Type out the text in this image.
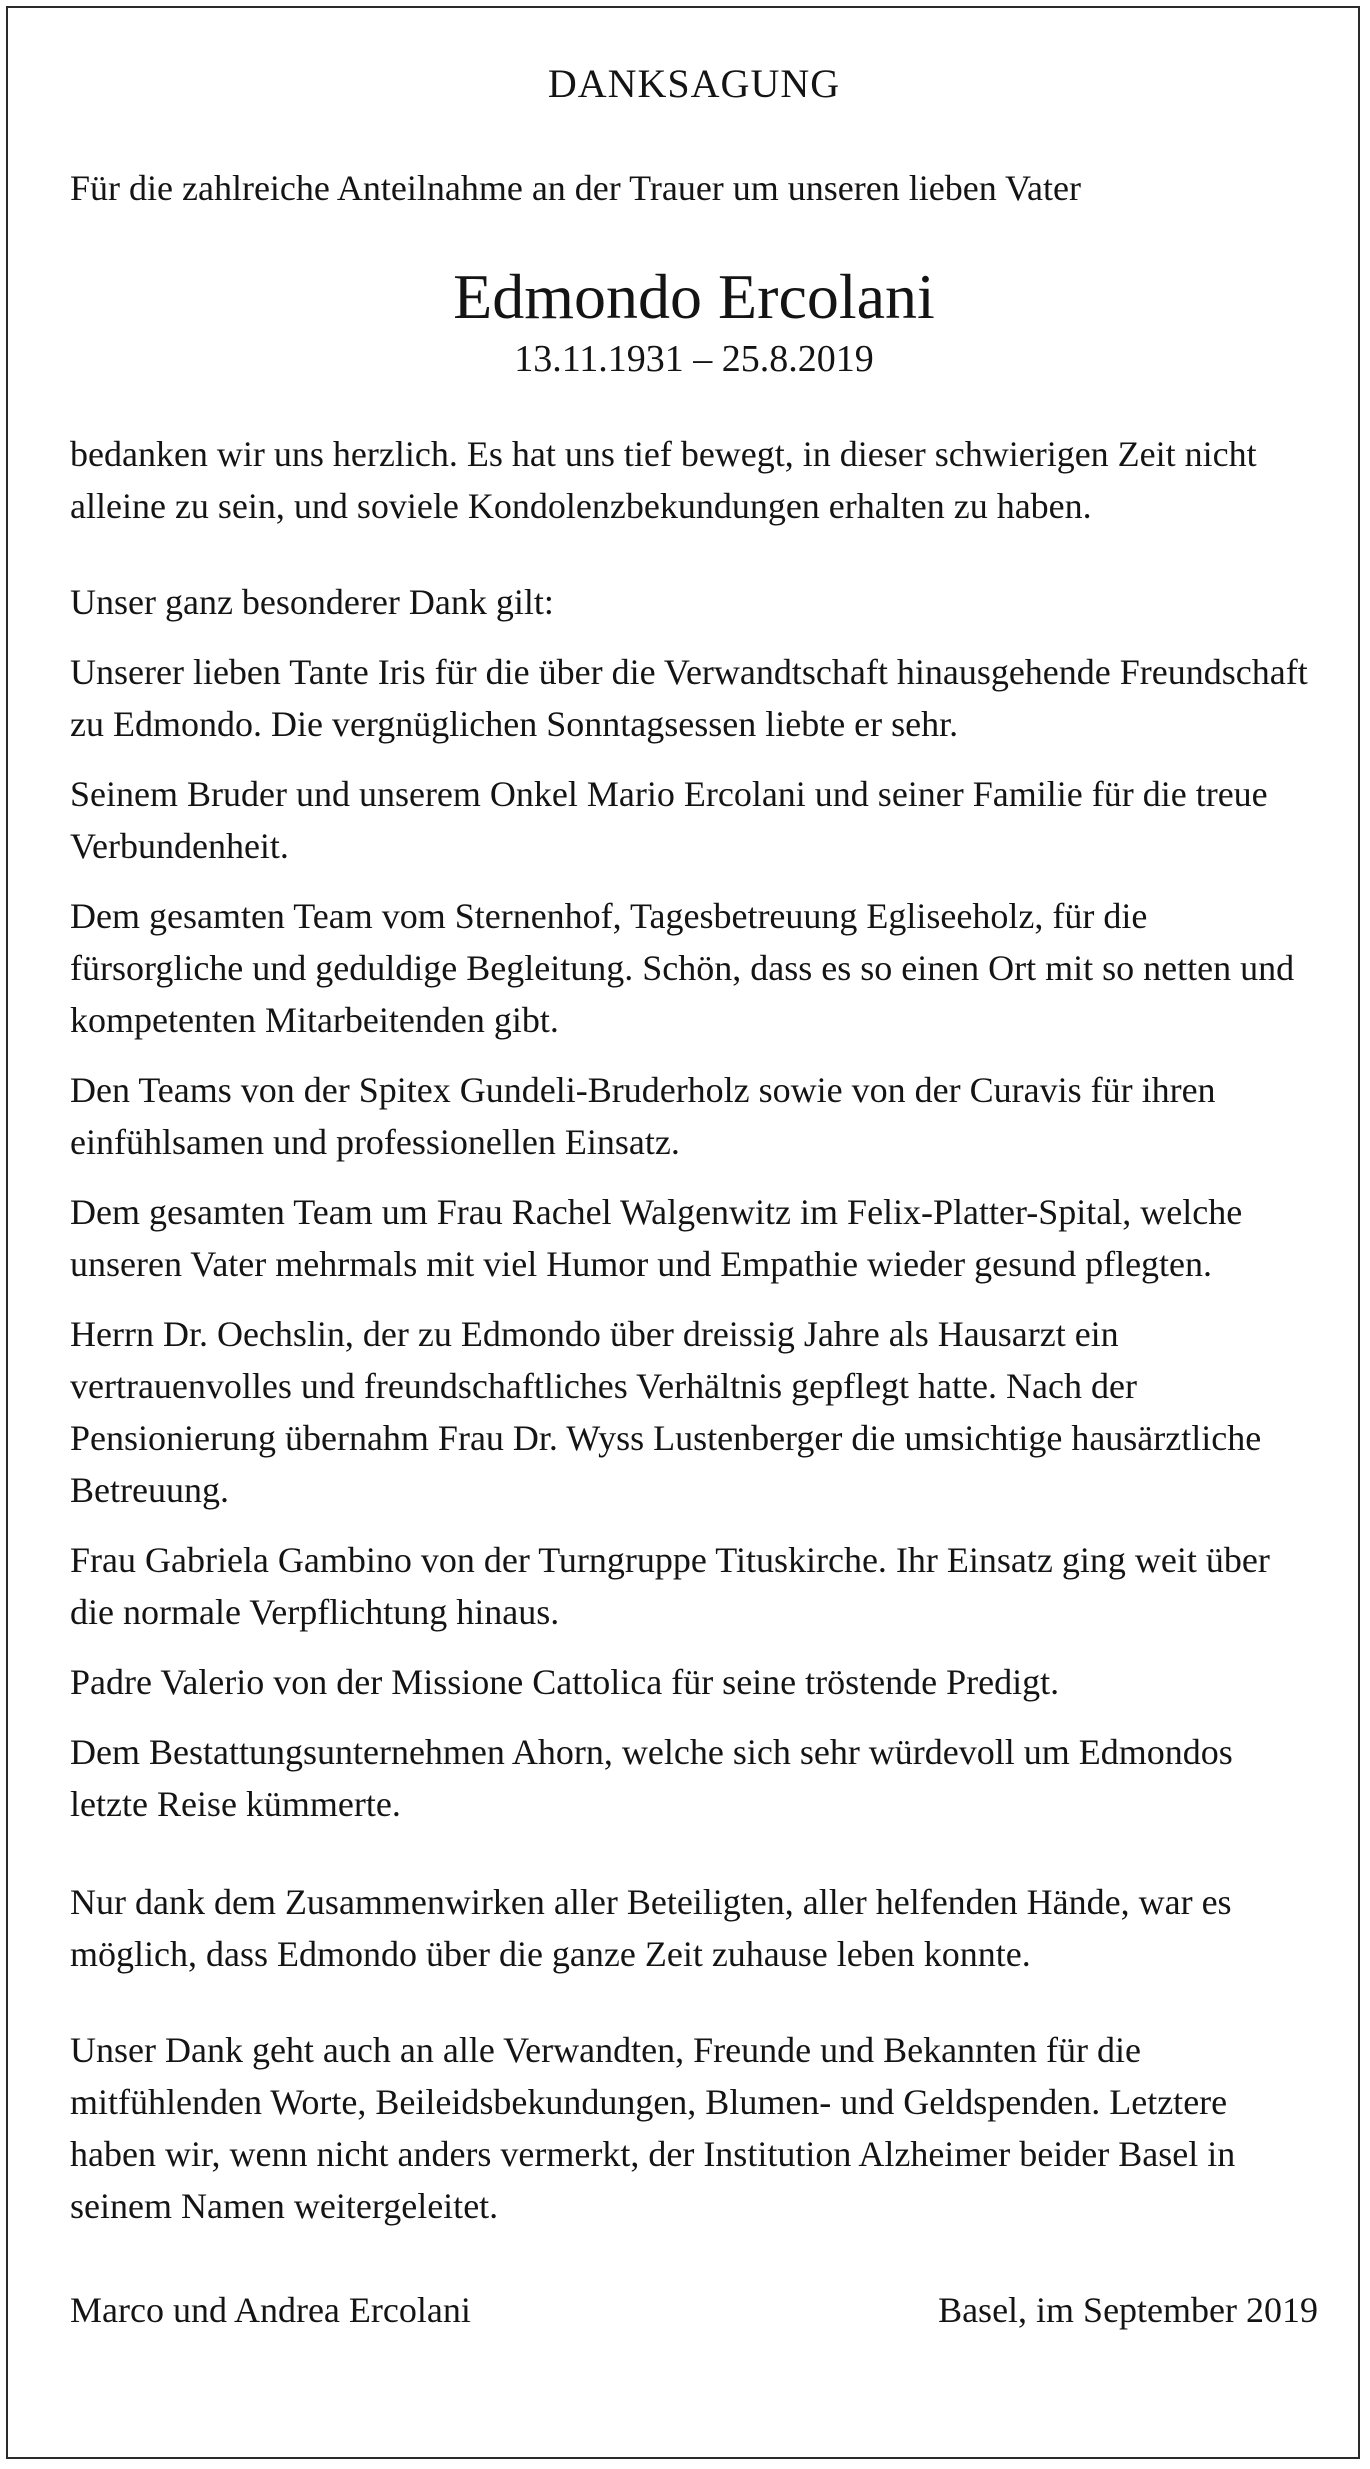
DANKSAGUNG

Für die zahlreiche Anteilnahme an der Trauer um unseren lieben Vater

Edmondo Ercolani
13.11.1931 – 25.8.2019

bedanken wir uns herzlich. Es hat uns tief bewegt, in dieser schwierigen Zeit nicht alleine zu sein, und soviele Kondolenzbekundungen erhalten zu haben.

Unser ganz besonderer Dank gilt:

Unserer lieben Tante Iris für die über die Verwandtschaft hinausgehende Freundschaft zu Edmondo. Die vergnüglichen Sonntagsessen liebte er sehr.

Seinem Bruder und unserem Onkel Mario Ercolani und seiner Familie für die treue Verbundenheit.

Dem gesamten Team vom Sternenhof, Tagesbetreuung Egliseeholz, für die fürsorgliche und geduldige Begleitung. Schön, dass es so einen Ort mit so netten und kompetenten Mitarbeitenden gibt.

Den Teams von der Spitex Gundeli-Bruderholz sowie von der Curavis für ihren einfühlsamen und professionellen Einsatz.

Dem gesamten Team um Frau Rachel Walgenwitz im Felix-Platter-Spital, welche unseren Vater mehrmals mit viel Humor und Empathie wieder gesund pflegten.

Herrn Dr. Oechslin, der zu Edmondo über dreissig Jahre als Hausarzt ein vertrauenvolles und freundschaftliches Verhältnis gepflegt hatte. Nach der Pensionierung übernahm Frau Dr. Wyss Lustenberger die umsichtige hausärztliche Betreuung.

Frau Gabriela Gambino von der Turngruppe Tituskirche. Ihr Einsatz ging weit über die normale Verpflichtung hinaus.

Padre Valerio von der Missione Cattolica für seine tröstende Predigt.

Dem Bestattungsunternehmen Ahorn, welche sich sehr würdevoll um Edmondos letzte Reise kümmerte.

Nur dank dem Zusammenwirken aller Beteiligten, aller helfenden Hände, war es möglich, dass Edmondo über die ganze Zeit zuhause leben konnte.

Unser Dank geht auch an alle Verwandten, Freunde und Bekannten für die mitfühlenden Worte, Beileidsbekundungen, Blumen- und Geldspenden. Letztere haben wir, wenn nicht anders vermerkt, der Institution Alzheimer beider Basel in seinem Namen weitergeleitet.

Marco und Andrea Ercolani	Basel, im September 2019
